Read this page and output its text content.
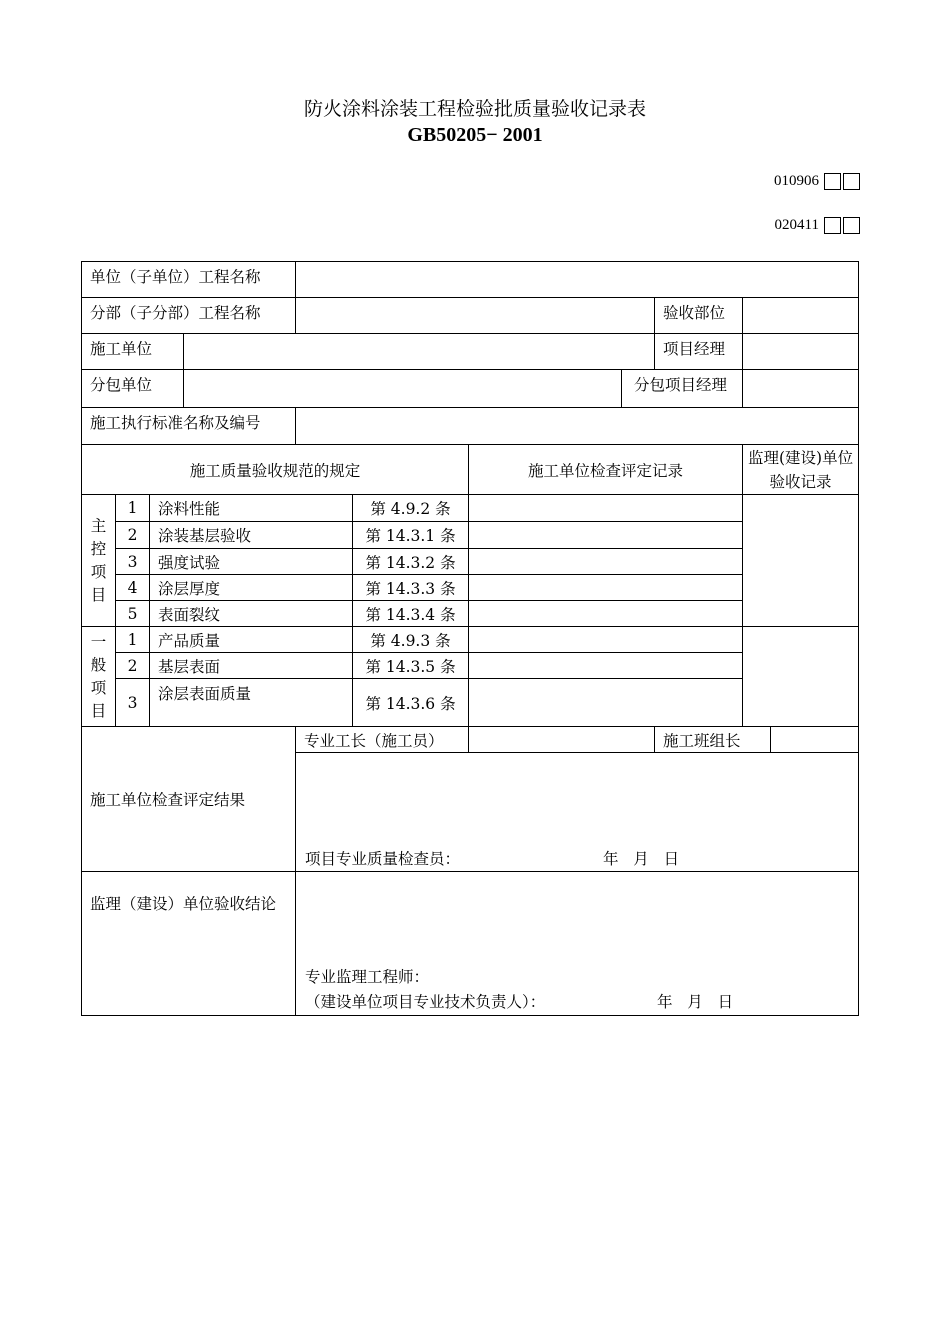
防火涂料涂装工程检验批质量验收记录表
GB50205− 2001
010906
020411
单位（子单位）工程名称										
分部（子分部）工程名称								验收部位		
施工单位								项目经理		
分包单位							分包项目经理			
施工执行标准名称及编号										
施工质量验收规范的规定						施工单位检查评定记录			监理(建设)单位验收记录	

主控项目	1	涂料性能			第 4.9.2 条					
	2	涂装基层验收			第 14.3.1 条					
	3	强度试验			第 14.3.2 条					
	4	涂层厚度			第 14.3.3 条					
	5	表面裂纹			第 14.3.4 条					

一般项目	1	产品质量			第 4.9.3 条					
	2	基层表面			第 14.3.5 条					
	3	涂层表面质量			第 14.3.6 条					
施工单位检查评定结果				专业工长（施工员）				施工班组长		

				项目专业质量检查员： 年   月   日						

监理（建设）单位验收结论				专业监理工程师：
（建设单位项目专业技术负责人）： 年   月   日						
